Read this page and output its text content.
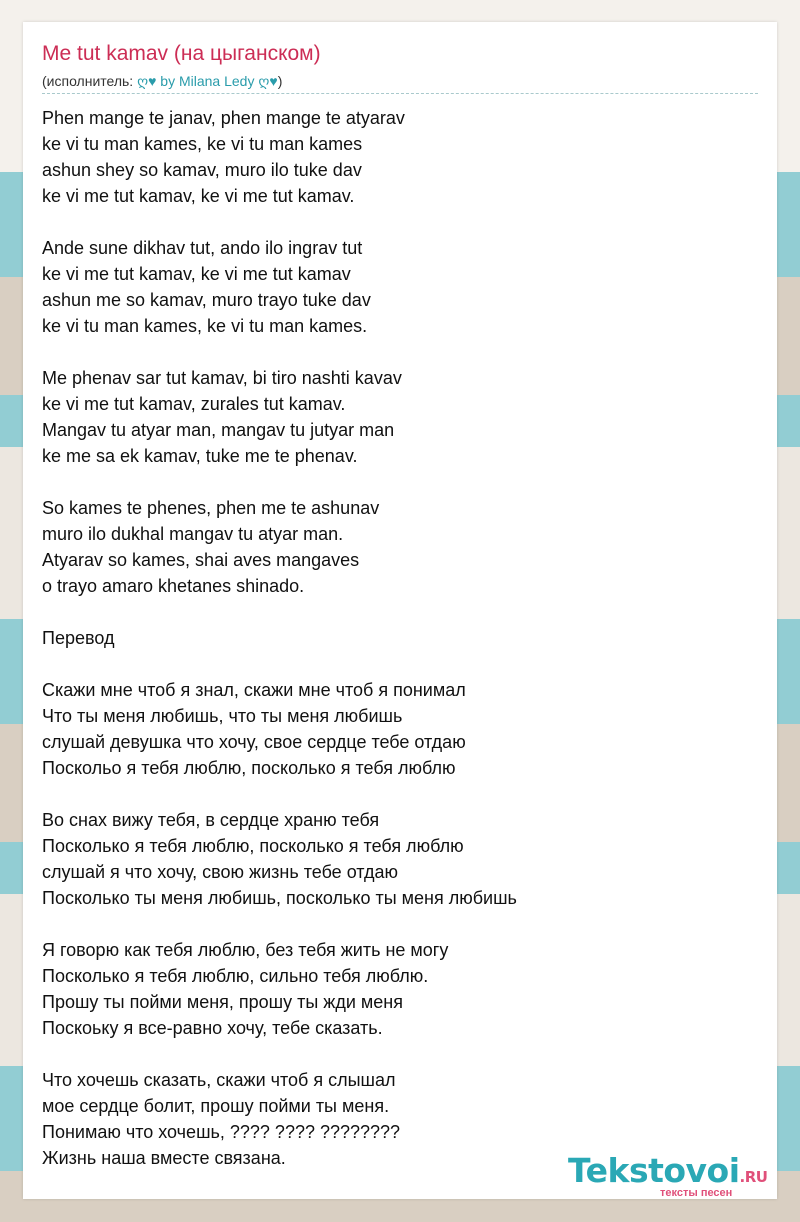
Me tut kamav (на цыганском)
(исполнитель: ღ♥ by Milana Ledy ღ♥)
Phen mange te janav, phen mange te atyarav
ke vi tu man kames, ke vi tu man kames
ashun shey so kamav, muro ilo tuke dav
ke vi me tut kamav, ke vi me tut kamav.
Ande sune dikhav tut, ando ilo ingrav tut
ke vi me tut kamav, ke vi me tut kamav
ashun me so kamav, muro trayo tuke dav
ke vi tu man kames, ke vi tu man kames.
Me phenav sar tut kamav, bi tiro nashti kavav
ke vi me tut kamav, zurales tut kamav.
Mangav tu atyar man, mangav tu jutyar man
ke me sa ek kamav, tuke me te phenav.
So kames te phenes, phen me te ashunav
muro ilo dukhal mangav tu atyar man.
Atyarav so kames, shai aves mangaves
o trayo amaro khetanes shinado.
Перевод
Скажи мне чтоб я знал, скажи мне чтоб я понимал
Что ты меня любишь, что ты меня любишь
слушай девушка что хочу, свое сердце тебе отдаю
Поскольо я тебя люблю, посколько я тебя люблю
Во снах вижу тебя, в сердце храню тебя
Посколько я тебя люблю, посколько я тебя люблю
слушай я что хочу, свою жизнь тебе отдаю
Посколько ты меня любишь, посколько ты меня любишь
Я говорю как тебя люблю, без тебя жить не могу
Посколько я тебя люблю, сильно тебя люблю.
Прошу ты пойми меня, прошу ты жди меня
Поскоьку я все-равно хочу, тебе сказать.
Что хочешь сказать, скажи чтоб я слышал
мое сердце болит, прошу пойми ты меня.
Понимаю что хочешь, ???? ???? ????????
Жизнь наша вместе связана.	Tekstovoi.RU
тексты песен
